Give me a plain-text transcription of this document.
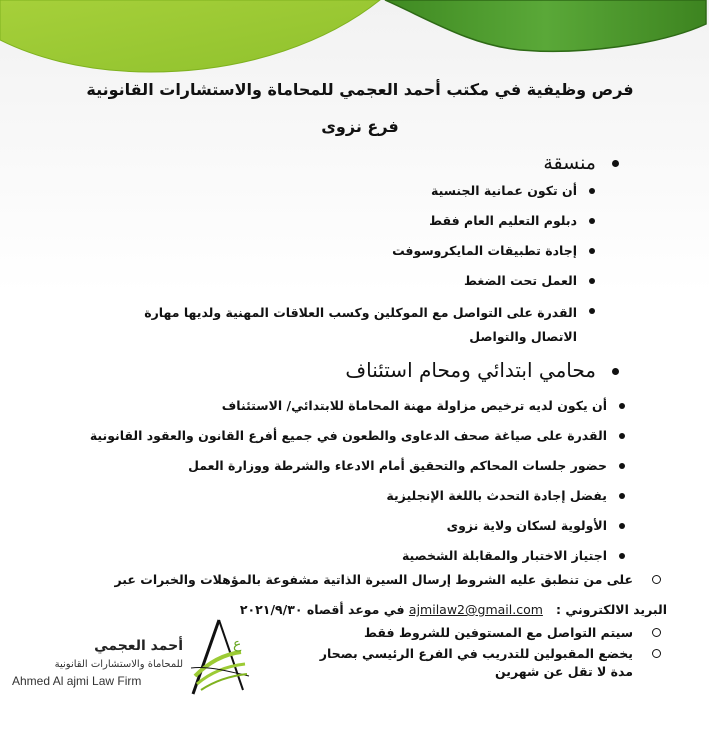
فرص وظيفية في مكتب أحمد العجمي للمحاماة والاستشارات القانونية
فرع نزوى
منسقة
أن تكون عمانية الجنسية
دبلوم التعليم العام فقط
إجادة تطبيقات المايكروسوفت
العمل تحت الضغط
القدرة على التواصل مع الموكلين وكسب العلاقات المهنية ولديها مهارة الاتصال والتواصل
محامي ابتدائي ومحام استئناف
أن يكون لديه ترخيص مزاولة مهنة المحاماة للابتدائي/ الاستئناف
القدرة على صياغة صحف الدعاوى والطعون في جميع أفرع القانون والعقود القانونية
حضور جلسات المحاكم والتحقيق أمام الادعاء والشرطة ووزارة العمل
يفضل إجادة التحدث باللغة الإنجليزية
الأولوية لسكان ولاية نزوى
اجتياز الاختبار والمقابلة الشخصية
على من تنطبق عليه الشروط إرسال السيرة الذاتية مشفوعة بالمؤهلات والخبرات عبر
البريد الالكتروني :   ajmilaw2@gmail.com في موعد أقصاه ٢٠٢١/٩/٣٠
سيتم التواصل مع المستوفين للشروط فقط
يخضع المقبولين للتدريب في الفرع الرئيسي بصحار مدة لا تقل عن شهرين
ع
أحمد العجمي
للمحاماة والاستشارات القانونية
Ahmed Al ajmi Law Firm
